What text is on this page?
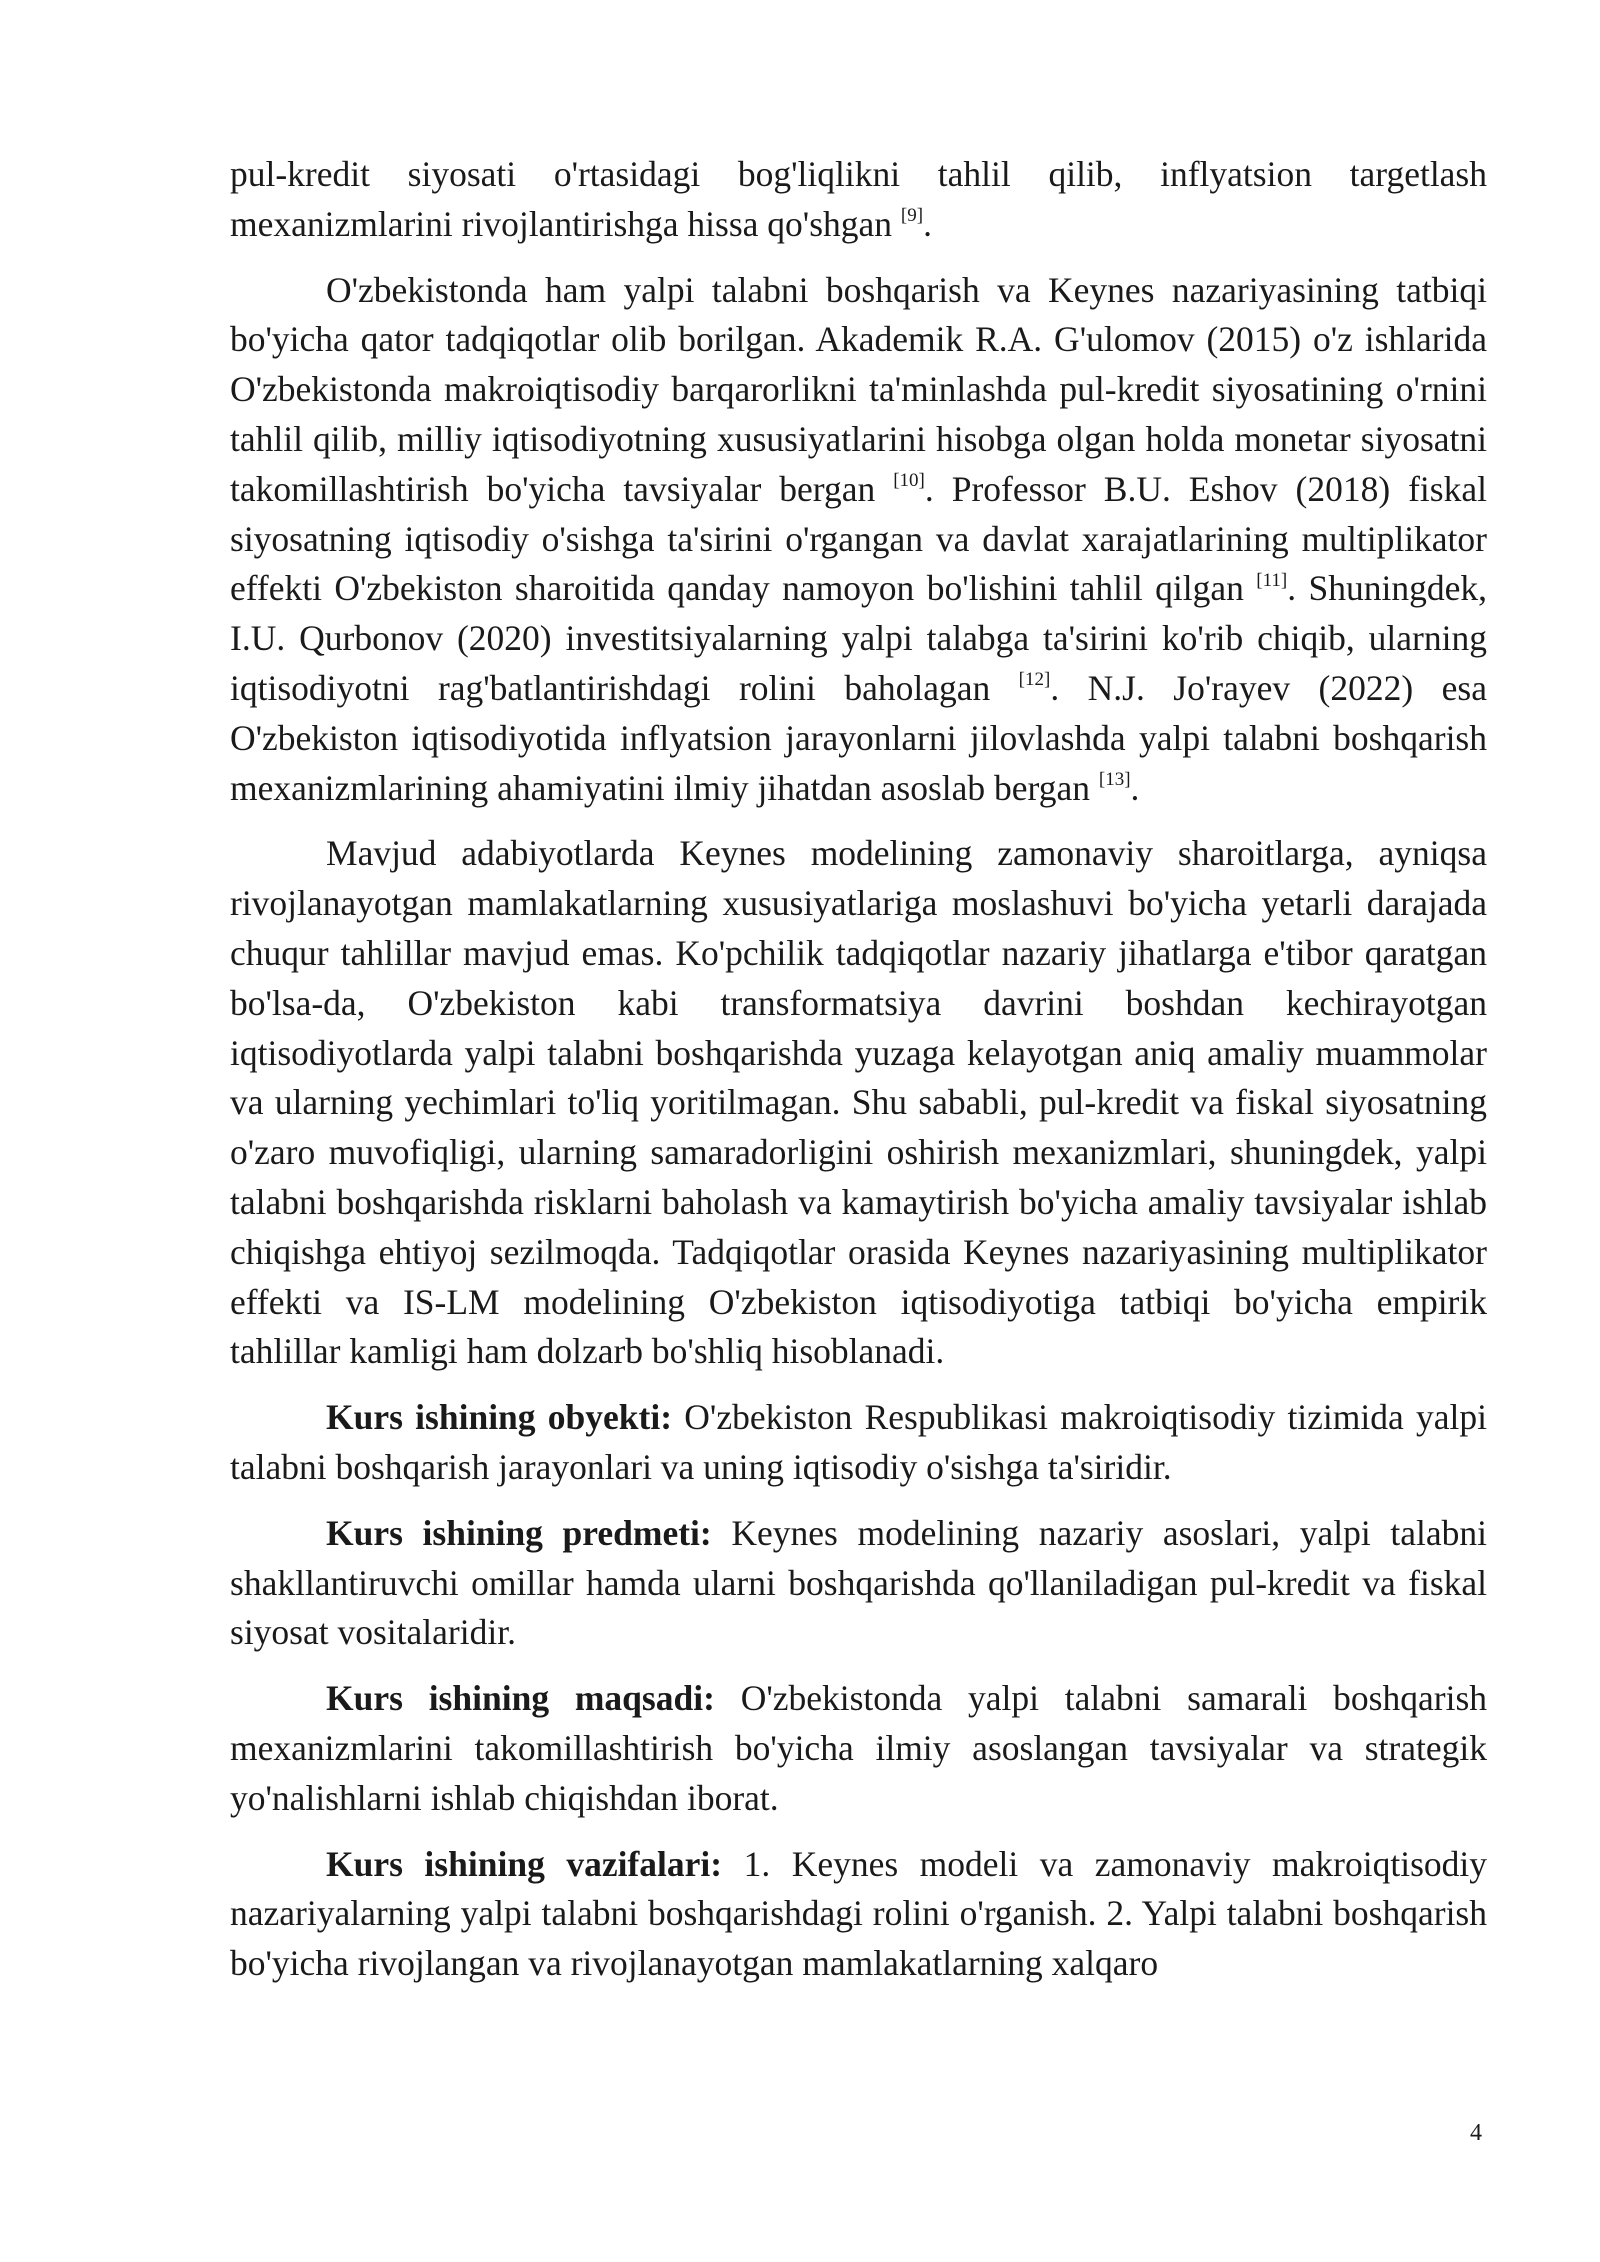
pul-kredit siyosati o'rtasidagi bog'liqlikni tahlil qilib, inflyatsion targetlash mexanizmlarini rivojlantirishga hissa qo'shgan [9].

O'zbekistonda ham yalpi talabni boshqarish va Keynes nazariyasining tatbiqi bo'yicha qator tadqiqotlar olib borilgan. Akademik R.A. G'ulomov (2015) o'z ishlarida O'zbekistonda makroiqtisodiy barqarorlikni ta'minlashda pul-kredit siyosatining o'rnini tahlil qilib, milliy iqtisodiyotning xususiyatlarini hisobga olgan holda monetar siyosatni takomillashtirish bo'yicha tavsiyalar bergan [10]. Professor B.U. Eshov (2018) fiskal siyosatning iqtisodiy o'sishga ta'sirini o'rgangan va davlat xarajatlarining multiplikator effekti O'zbekiston sharoitida qanday namoyon bo'lishini tahlil qilgan [11]. Shuningdek, I.U. Qurbonov (2020) investitsiyalarning yalpi talabga ta'sirini ko'rib chiqib, ularning iqtisodiyotni rag'batlantirishdagi rolini baholagan [12]. N.J. Jo'rayev (2022) esa O'zbekiston iqtisodiyotida inflyatsion jarayonlarni jilovlashda yalpi talabni boshqarish mexanizmlarining ahamiyatini ilmiy jihatdan asoslab bergan [13].

Mavjud adabiyotlarda Keynes modelining zamonaviy sharoitlarga, ayniqsa rivojlanayotgan mamlakatlarning xususiyatlariga moslashuvi bo'yicha yetarli darajada chuqur tahlillar mavjud emas. Ko'pchilik tadqiqotlar nazariy jihatlarga e'tibor qaratgan bo'lsa-da, O'zbekiston kabi transformatsiya davrini boshdan kechirayotgan iqtisodiyotlarda yalpi talabni boshqarishda yuzaga kelayotgan aniq amaliy muammolar va ularning yechimlari to'liq yoritilmagan. Shu sababli, pul-kredit va fiskal siyosatning o'zaro muvofiqligi, ularning samaradorligini oshirish mexanizmlari, shuningdek, yalpi talabni boshqarishda risklarni baholash va kamaytirish bo'yicha amaliy tavsiyalar ishlab chiqishga ehtiyoj sezilmoqda. Tadqiqotlar orasida Keynes nazariyasining multiplikator effekti va IS-LM modelining O'zbekiston iqtisodiyotiga tatbiqi bo'yicha empirik tahlillar kamligi ham dolzarb bo'shliq hisoblanadi.

Kurs ishining obyekti: O'zbekiston Respublikasi makroiqtisodiy tizimida yalpi talabni boshqarish jarayonlari va uning iqtisodiy o'sishga ta'siridir.

Kurs ishining predmeti: Keynes modelining nazariy asoslari, yalpi talabni shakllantiruvchi omillar hamda ularni boshqarishda qo'llaniladigan pul-kredit va fiskal siyosat vositalaridir.

Kurs ishining maqsadi: O'zbekistonda yalpi talabni samarali boshqarish mexanizmlarini takomillashtirish bo'yicha ilmiy asoslangan tavsiyalar va strategik yo'nalishlarni ishlab chiqishdan iborat.

Kurs ishining vazifalari: 1. Keynes modeli va zamonaviy makroiqtisodiy nazariyalarning yalpi talabni boshqarishdagi rolini o'rganish. 2. Yalpi talabni boshqarish bo'yicha rivojlangan va rivojlanayotgan mamlakatlarning xalqaro

4
